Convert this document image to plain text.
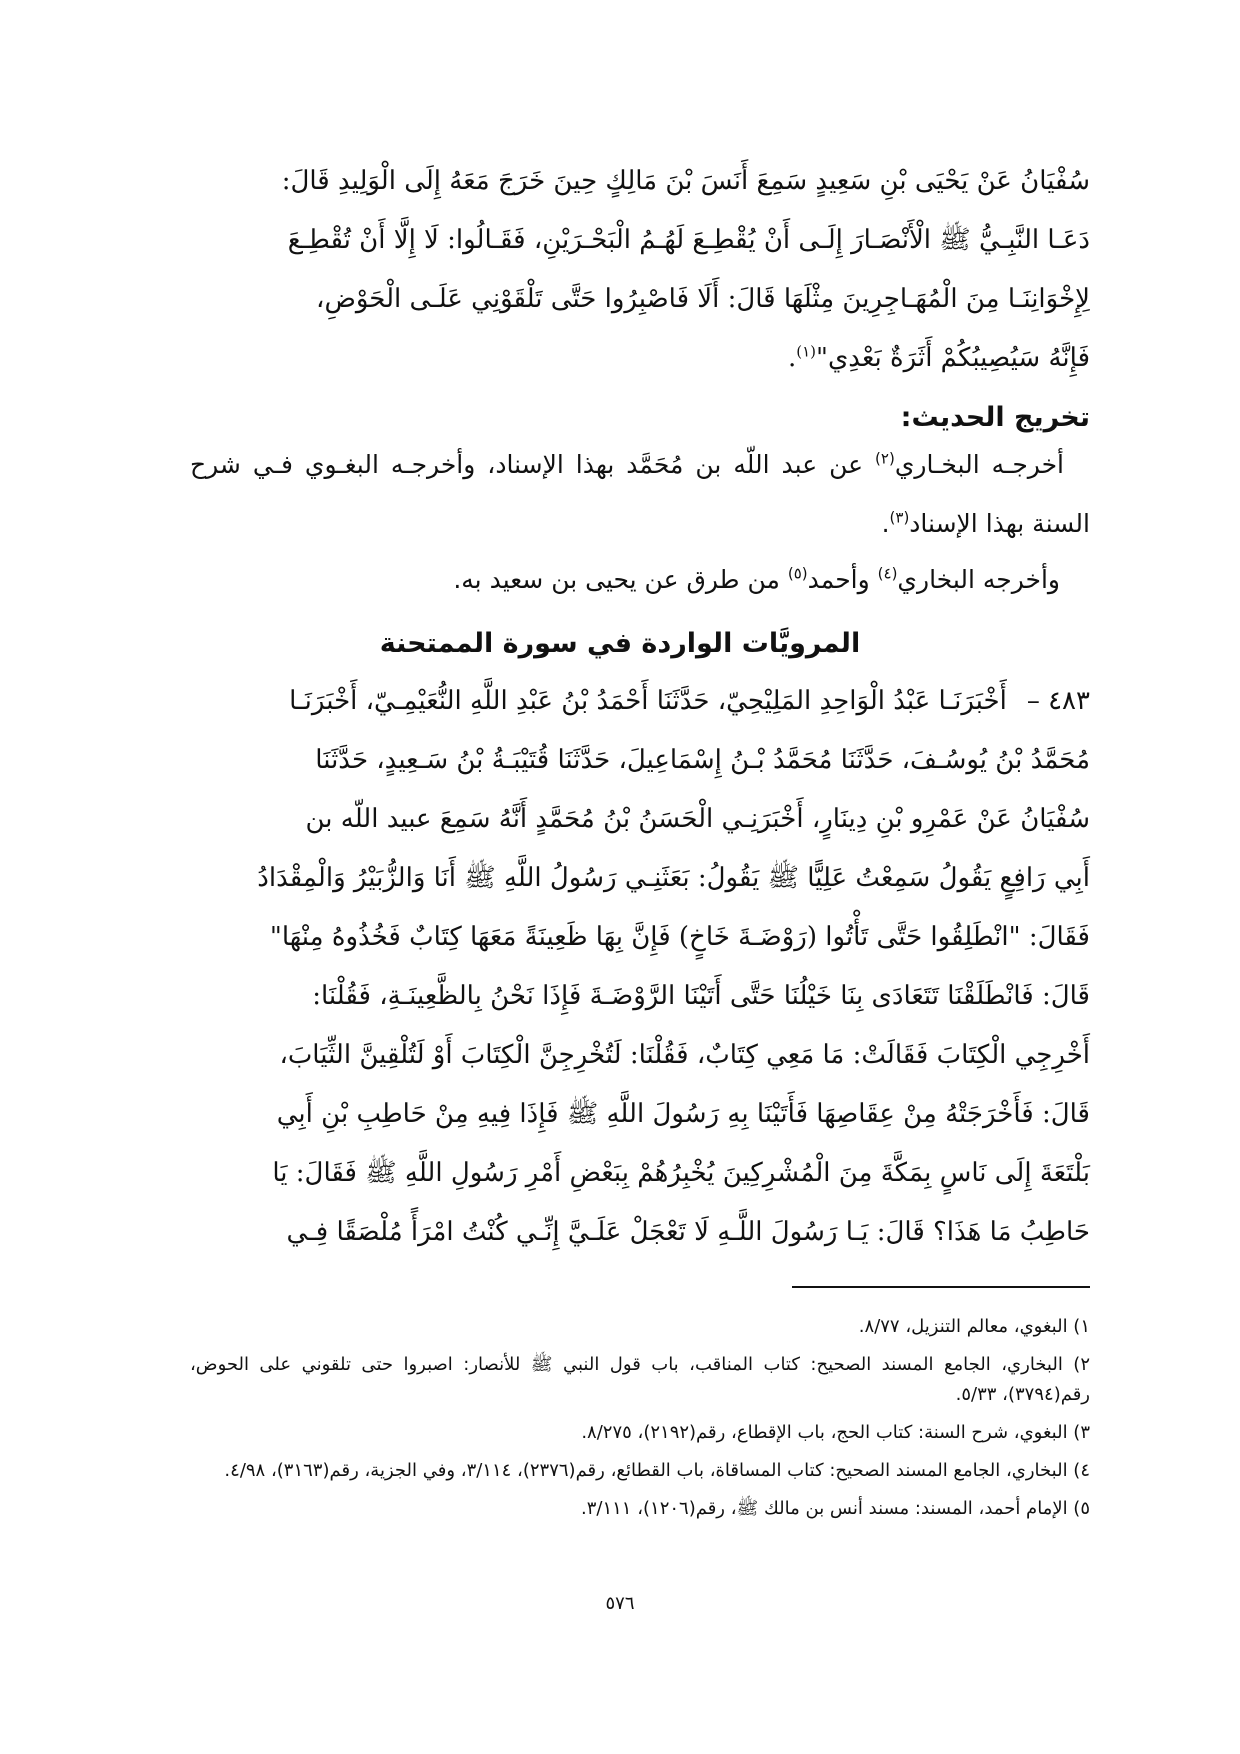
سُفْيَانُ عَنْ يَحْيَى بْنِ سَعِيدٍ سَمِعَ أَنَسَ بْنَ مَالِكٍ حِينَ خَرَجَ مَعَهُ إِلَى الْوَلِيدِ قَالَ:

دَعَـا النَّبِـيُّ ﷺ الْأَنْصَـارَ إِلَـى أَنْ يُقْطِـعَ لَهُـمُ الْبَحْـرَيْنِ، فَقَـالُوا: لَا إِلَّا أَنْ تُقْطِـعَ

لِإِخْوَانِنَـا مِنَ الْمُهَـاجِرِينَ مِثْلَهَا قَالَ: أَلَا فَاصْبِرُوا حَتَّى تَلْقَوْنِي عَلَـى الْحَوْضِ،

فَإِنَّهُ سَيُصِيبُكُمْ أَثَرَةٌ بَعْدِي"$^{(١)}$.

تخريج الحديث:

أخرجـه البخـاري$^{(٢)}$ عن عبد اللّه بن مُحَمَّد بهذا الإسناد، وأخرجـه البغـوي فـي شرح السنة بهذا الإسناد$^{(٣)}$.

وأخرجه البخاري$^{(٤)}$ وأحمد$^{(٥)}$ من طرق عن يحيى بن سعيد به.

المرويَّات الواردة في سورة الممتحنة

٤٨٣ –أَخْبَرَنَـا عَبْدُ الْوَاحِدِ المَلِيْحِيّ، حَدَّثَنَا أَحْمَدُ بْنُ عَبْدِ اللَّهِ النُّعَيْمِـيّ، أَخْبَرَنَـا

مُحَمَّدُ بْنُ يُوسُـفَ، حَدَّثَنَا مُحَمَّدُ بْـنُ إِسْمَاعِيلَ، حَدَّثَنَا قُتَيْبَـةُ بْنُ سَـعِيدٍ، حَدَّثَنَا

سُفْيَانُ عَنْ عَمْرِو بْنِ دِينَارٍ، أَخْبَرَنِـي الْحَسَنُ بْنُ مُحَمَّدٍ أَنَّهُ سَمِعَ عبيد اللّه بن

أَبِي رَافِعٍ يَقُولُ سَمِعْتُ عَلِيًّا ﷺ يَقُولُ: بَعَثَنِـي رَسُولُ اللَّهِ ﷺ أَنَا وَالزُّبَيْرُ وَالْمِقْدَادُ

فَقَالَ: "انْطَلِقُوا حَتَّى تَأْتُوا (رَوْضَـةَ خَاخٍ) فَإِنَّ بِهَا ظَعِينَةً مَعَهَا كِتَابٌ فَخُذُوهُ مِنْهَا"

قَالَ: فَانْطَلَقْنَا تَتَعَادَى بِنَا خَيْلُنَا حَتَّى أَتَيْنَا الرَّوْضَـةَ فَإِذَا نَحْنُ بِالظَّعِينَـةِ، فَقُلْنَا:

أَخْرِجِي الْكِتَابَ فَقَالَتْ: مَا مَعِي كِتَابٌ، فَقُلْنَا: لَتُخْرِجِنَّ الْكِتَابَ أَوْ لَتُلْقِينَّ الثِّيَابَ،

قَالَ: فَأَخْرَجَتْهُ مِنْ عِقَاصِهَا فَأَتَيْنَا بِهِ رَسُولَ اللَّهِ ﷺ فَإِذَا فِيهِ مِنْ حَاطِبِ بْنِ أَبِي

بَلْتَعَةَ إِلَى نَاسٍ بِمَكَّةَ مِنَ الْمُشْرِكِينَ يُخْبِرُهُمْ بِبَعْضِ أَمْرِ رَسُولِ اللَّهِ ﷺ فَقَالَ: يَا

حَاطِبُ مَا هَذَا؟ قَالَ: يَـا رَسُولَ اللَّـهِ لَا تَعْجَلْ عَلَـيَّ إِنِّـي كُنْتُ امْرَأً مُلْصَقًا فِـي

١) البغوي، معالم التنزيل، ٨/٧٧.
٢) البخاري، الجامع المسند الصحيح: كتاب المناقب، باب قول النبي ﷺ للأنصار: اصبروا حتى تلقوني على الحوض، رقم(٣٧٩٤)، ٥/٣٣.
٣) البغوي، شرح السنة: كتاب الحج، باب الإقطاع، رقم(٢١٩٢)، ٨/٢٧٥.
٤) البخاري، الجامع المسند الصحيح: كتاب المساقاة، باب القطائع، رقم(٢٣٧٦)، ٣/١١٤، وفي الجزية، رقم(٣١٦٣)، ٤/٩٨.
٥) الإمام أحمد، المسند: مسند أنس بن مالك ﷺ، رقم(١٢٠٦)، ٣/١١١.
٥٧٦
